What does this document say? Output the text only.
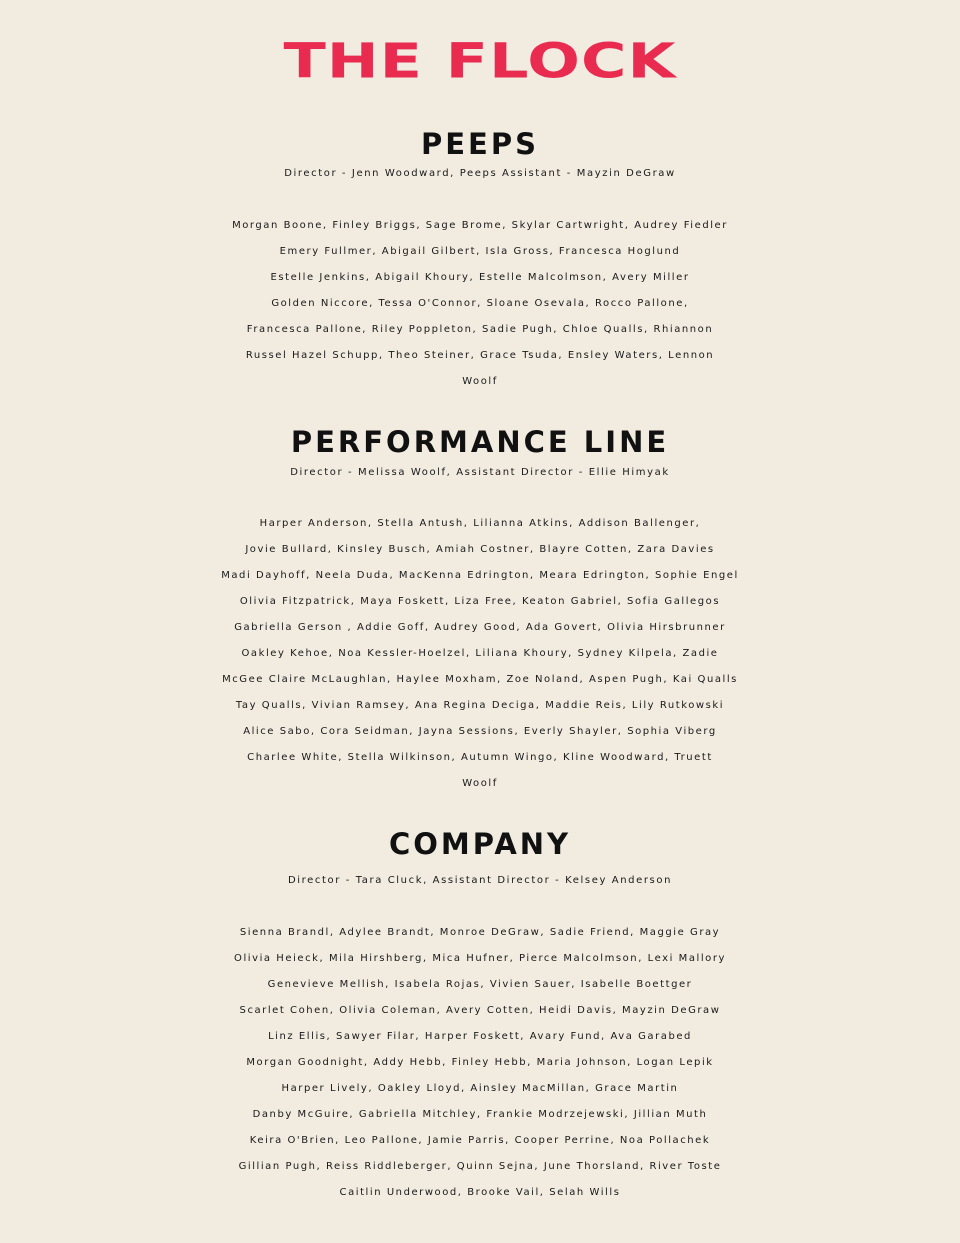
THE FLOCK
PEEPS
Director - Jenn Woodward, Peeps Assistant - Mayzin DeGraw
Morgan Boone, Finley Briggs, Sage Brome, Skylar Cartwright, Audrey Fiedler
Emery Fullmer, Abigail Gilbert, Isla Gross, Francesca Hoglund
Estelle Jenkins, Abigail Khoury, Estelle Malcolmson, Avery Miller
Golden Niccore, Tessa O'Connor, Sloane Osevala, Rocco Pallone,
Francesca Pallone, Riley Poppleton, Sadie Pugh, Chloe Qualls, Rhiannon
Russel Hazel Schupp, Theo Steiner, Grace Tsuda, Ensley Waters, Lennon
Woolf
PERFORMANCE LINE
Director - Melissa Woolf, Assistant Director - Ellie Himyak
Harper Anderson, Stella Antush, Lilianna Atkins, Addison Ballenger,
Jovie Bullard, Kinsley Busch, Amiah Costner, Blayre Cotten, Zara Davies
Madi Dayhoff, Neela Duda, MacKenna Edrington, Meara Edrington, Sophie Engel
Olivia Fitzpatrick, Maya Foskett, Liza Free, Keaton Gabriel, Sofia Gallegos
Gabriella Gerson , Addie Goff, Audrey Good, Ada Govert, Olivia Hirsbrunner
Oakley Kehoe, Noa Kessler-Hoelzel, Liliana Khoury, Sydney Kilpela, Zadie
McGee Claire McLaughlan, Haylee Moxham, Zoe Noland, Aspen Pugh, Kai Qualls
Tay Qualls, Vivian Ramsey, Ana Regina Deciga, Maddie Reis, Lily Rutkowski
Alice Sabo, Cora Seidman, Jayna Sessions, Everly Shayler, Sophia Viberg
Charlee White, Stella Wilkinson, Autumn Wingo, Kline Woodward, Truett
Woolf
COMPANY
Director - Tara Cluck, Assistant Director - Kelsey Anderson
Sienna Brandl, Adylee Brandt, Monroe DeGraw, Sadie Friend, Maggie Gray
Olivia Heieck, Mila Hirshberg, Mica Hufner, Pierce Malcolmson, Lexi Mallory
Genevieve Mellish, Isabela Rojas, Vivien Sauer, Isabelle Boettger
Scarlet Cohen, Olivia Coleman, Avery Cotten, Heidi Davis, Mayzin DeGraw
Linz Ellis, Sawyer Filar, Harper Foskett, Avary Fund, Ava Garabed
Morgan Goodnight, Addy Hebb, Finley Hebb, Maria Johnson, Logan Lepik
Harper Lively, Oakley Lloyd, Ainsley MacMillan, Grace Martin
Danby McGuire, Gabriella Mitchley, Frankie Modrzejewski, Jillian Muth
Keira O'Brien, Leo Pallone, Jamie Parris, Cooper Perrine, Noa Pollachek
Gillian Pugh, Reiss Riddleberger, Quinn Sejna, June Thorsland, River Toste
Caitlin Underwood, Brooke Vail, Selah Wills
